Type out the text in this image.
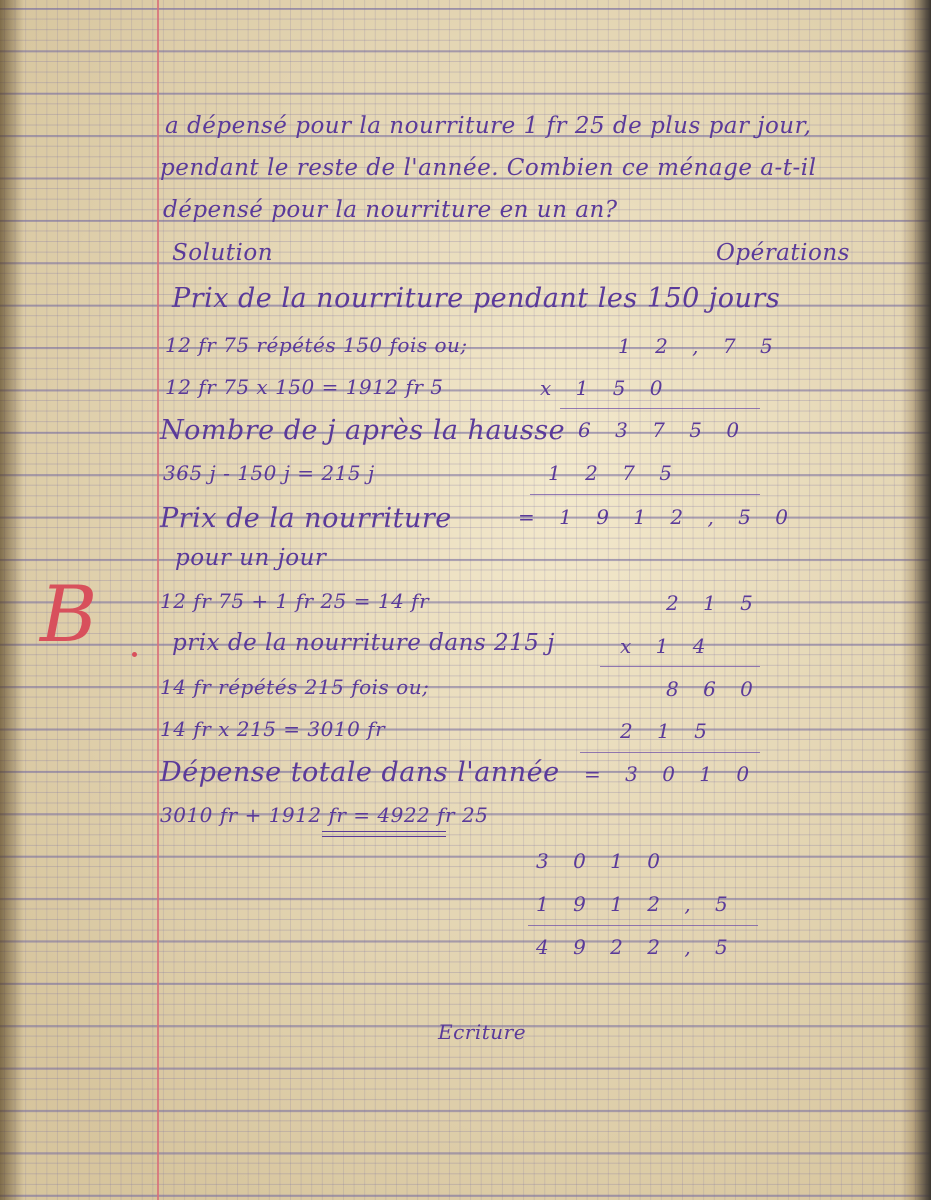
a dépensé pour la nourriture 1 fr 25 de plus par jour,

pendant le reste de l'année. Combien ce ménage a-t-il

dépensé pour la nourriture en un an?

Solution	Opérations

Prix de la nourriture pendant les 150 jours

12 fr 75 répétés 150 fois ou;

12 fr 75 x 150 = 1912 fr 5

Nombre de j après la hausse

365 j - 150 j = 215 j

Prix de la nourriture

pour un jour

12 fr 75 + 1 fr 25 = 14 fr

prix de la nourriture dans 215 j

14 fr répétés 215 fois ou;

14 fr x 215 = 3010 fr

Dépense totale dans l'année

3010 fr + 1912 fr = 4922 fr 25

1 2 , 7 5

x 1 5 0

6 3 7 5 0

1 2 7 5

= 1 9 1 2 , 5 0

2 1 5

x 1 4

8 6 0

2 1 5

= 3 0 1 0

3 0 1 0

1 9 1 2 , 5

4 9 2 2 , 5

B

Ecriture
